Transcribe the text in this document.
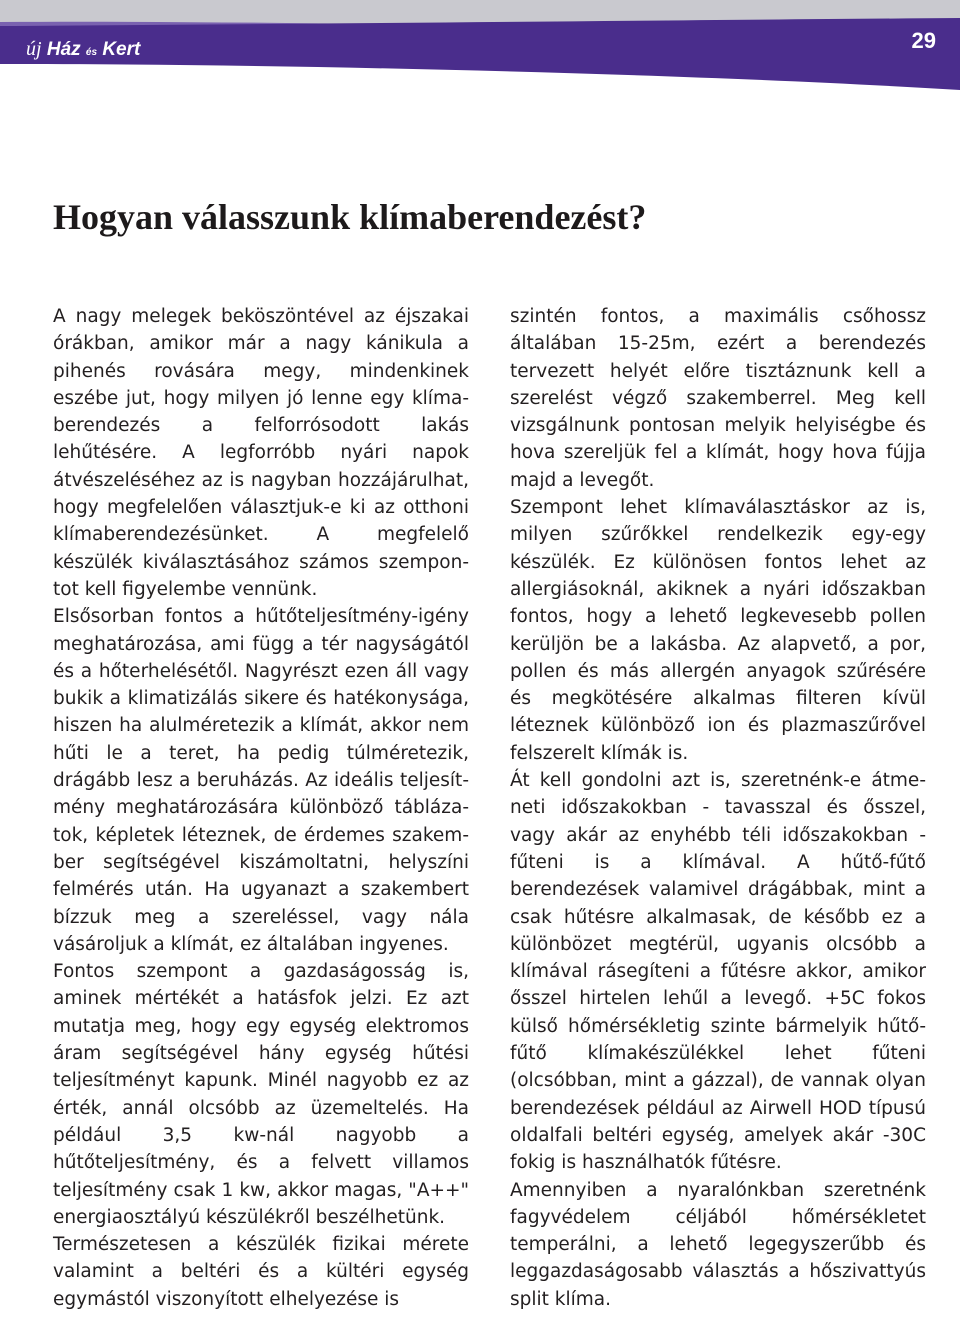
új Ház és Kert	29
Hogyan válasszunk klímaberendezést?

A nagy melegek beköszöntével az éjszakai órákban, amikor már a nagy kánikula a pihenés rovására megy, mindenkinek eszébe jut, hogy milyen jó lenne egy klímaberendezés a felforrósodott lakás lehűtésére. A legforróbb nyári napok átvészeléséhez az is nagyban hozzájárulhat, hogy megfelelően választjuk-e ki az otthoni klímaberendezésünket. A megfelelő készülék kiválasztásához számos szempontot kell figyelembe vennünk.

Elsősorban fontos a hűtőteljesítmény-igény meghatározása, ami függ a tér nagyságától és a hőterhelésétől. Nagyrészt ezen áll vagy bukik a klimatizálás sikere és hatékonysága, hiszen ha alulméretezik a klímát, akkor nem hűti le a teret, ha pedig túlméretezik, drágább lesz a beruházás. Az ideális teljesítmény meghatározására különböző táblázatok, képletek léteznek, de érdemes szakember segítségével kiszámoltatni, helyszíni felmérés után. Ha ugyanazt a szakembert bízzuk meg a szereléssel, vagy nála vásároljuk a klímát, ez általában ingyenes.

Fontos szempont a gazdaságosság is, aminek mértékét a hatásfok jelzi. Ez azt mutatja meg, hogy egy egység elektromos áram segítségével hány egység hűtési teljesítményt kapunk. Minél nagyobb ez az érték, annál olcsóbb az üzemeltelés. Ha például 3,5 kw-nál nagyobb a hűtőteljesítmény, és a felvett villamos teljesítmény csak 1 kw, akkor magas, "A++" energiaosztályú készülékről beszélhetünk.

Természetesen a készülék fizikai mérete valamint a beltéri és a kültéri egység egymástól viszonyított elhelyezése is

szintén fontos, a maximális csőhossz általában 15-25m, ezért a berendezés tervezett helyét előre tisztáznunk kell a szerelést végző szakemberrel. Meg kell vizsgálnunk pontosan melyik helyiségbe és hova szereljük fel a klímát, hogy hova fújja majd a levegőt.

Szempont lehet klímaválasztáskor az is, milyen szűrőkkel rendelkezik egy-egy készülék. Ez különösen fontos lehet az allergiásoknál, akiknek a nyári időszakban fontos, hogy a lehető legkevesebb pollen kerüljön be a lakásba. Az alapvető, a por, pollen és más allergén anyagok szűrésére és megkötésére alkalmas filteren kívül léteznek különböző ion és plazmaszűrővel felszerelt klímák is.

Át kell gondolni azt is, szeretnénk-e átmeneti időszakokban - tavasszal és ősszel, vagy akár az enyhébb téli időszakokban - fűteni is a klímával. A hűtő-fűtő berendezések valamivel drágábbak, mint a csak hűtésre alkalmasak, de később ez a különbözet megtérül, ugyanis olcsóbb a klímával rásegíteni a fűtésre akkor, amikor ősszel hirtelen lehűl a levegő. +5C fokos külső hőmérsékletig szinte bármelyik hűtő-fűtő klímakészülékkel lehet fűteni (olcsóbban, mint a gázzal), de vannak olyan berendezések például az Airwell HOD típusú oldalfali beltéri egység, amelyek akár -30C fokig is használhatók fűtésre.

Amennyiben a nyaralónkban szeretnénk fagyvédelem céljából hőmérsékletet temperálni, a lehető legegyszerűbb és leggazdaságosabb választás a hőszivattyús split klíma.
